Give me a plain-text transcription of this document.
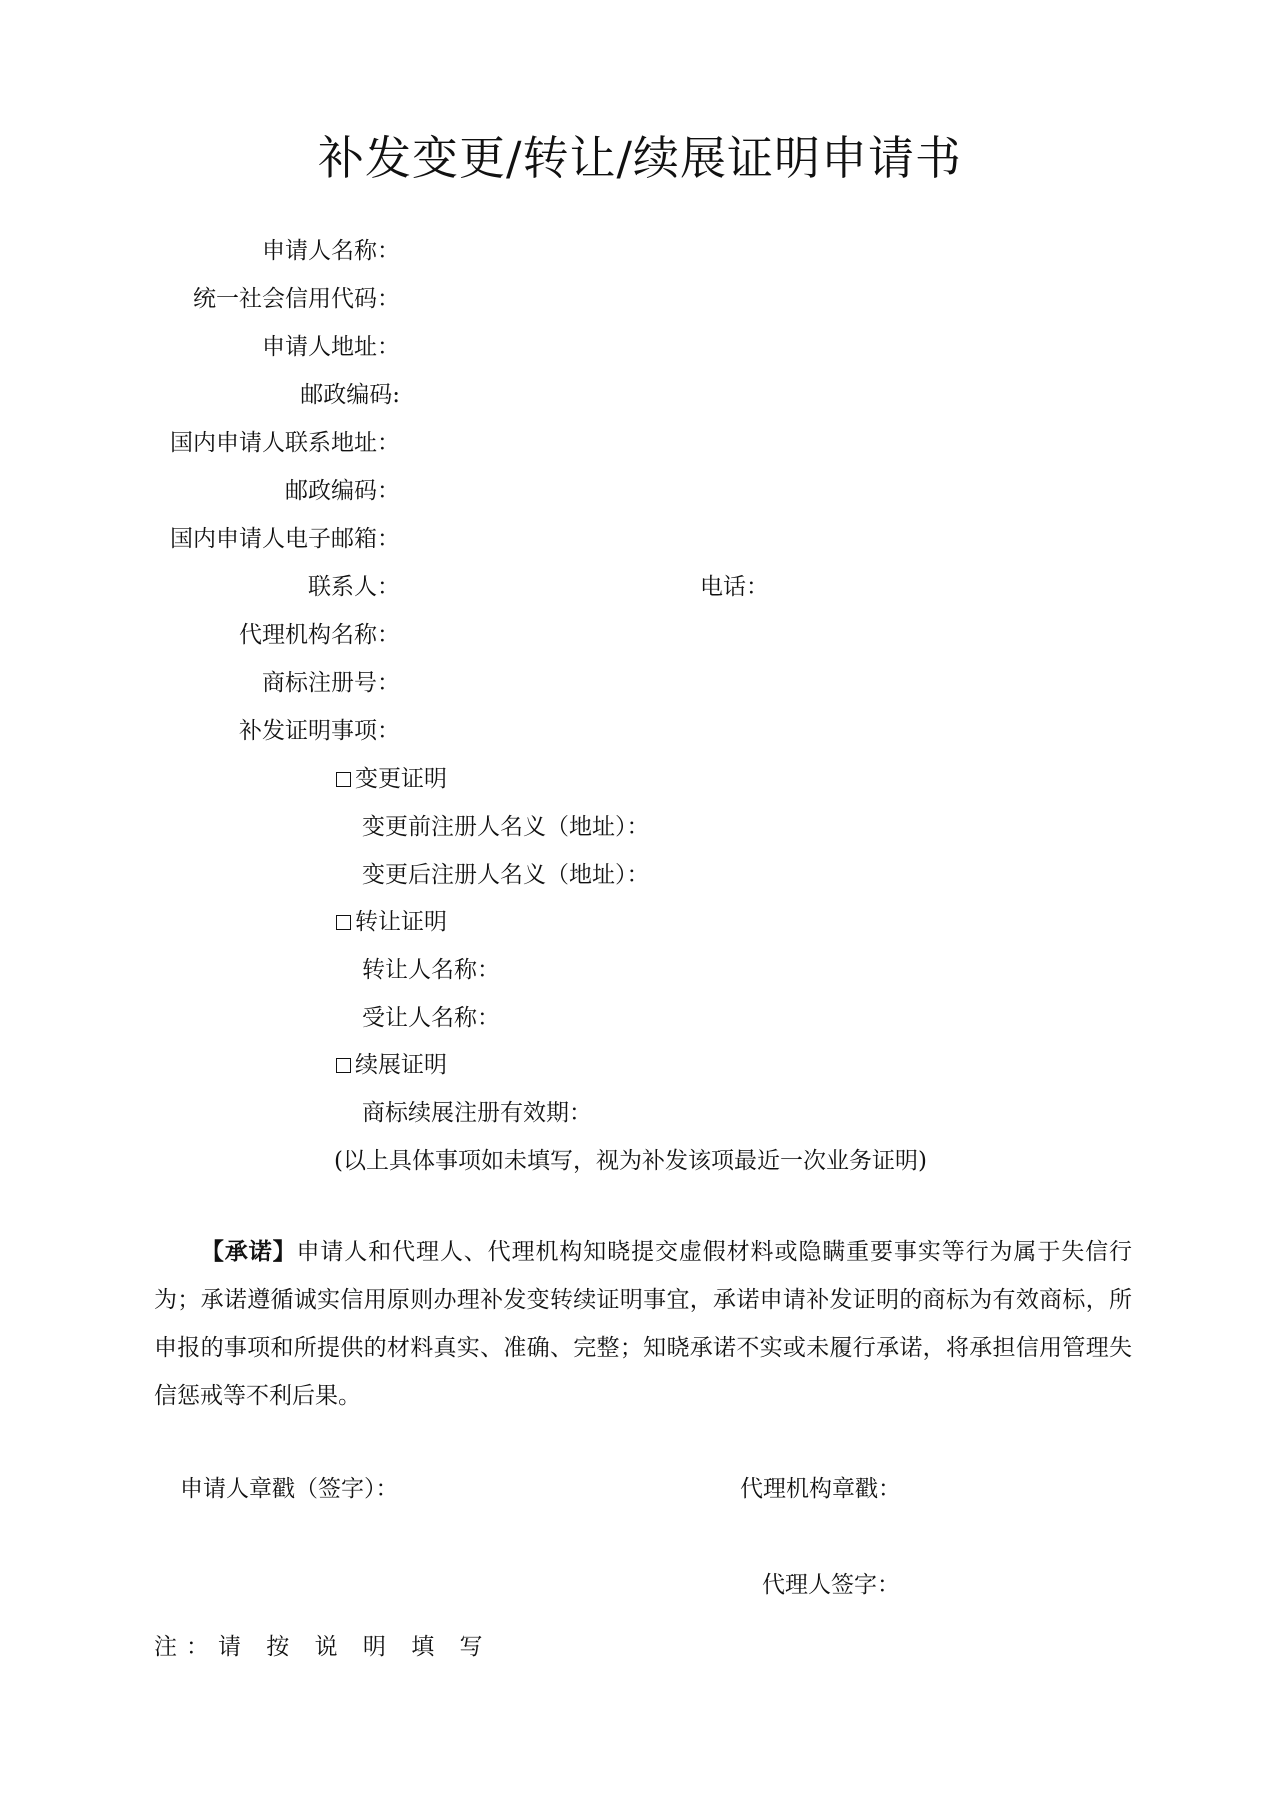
补发变更/转让/续展证明申请书
申请人名称：
统一社会信用代码：
申请人地址：
邮政编码:
国内申请人联系地址：
邮政编码：
国内申请人电子邮箱：
联系人：	电话：
代理机构名称：
商标注册号：
补发证明事项：
变更证明
变更前注册人名义（地址）：
变更后注册人名义（地址）：
转让证明
转让人名称：
受让人名称：
续展证明
商标续展注册有效期：
(以上具体事项如未填写，视为补发该项最近一次业务证明)
【承诺】申请人和代理人、代理机构知晓提交虚假材料或隐瞒重要事实等行为属于失信行为；承诺遵循诚实信用原则办理补发变转续证明事宜，承诺申请补发证明的商标为有效商标，所申报的事项和所提供的材料真实、准确、完整；知晓承诺不实或未履行承诺，将承担信用管理失信惩戒等不利后果。
申请人章戳（签字）：	代理机构章戳：
代理人签字：
注：请 按 说 明 填 写
